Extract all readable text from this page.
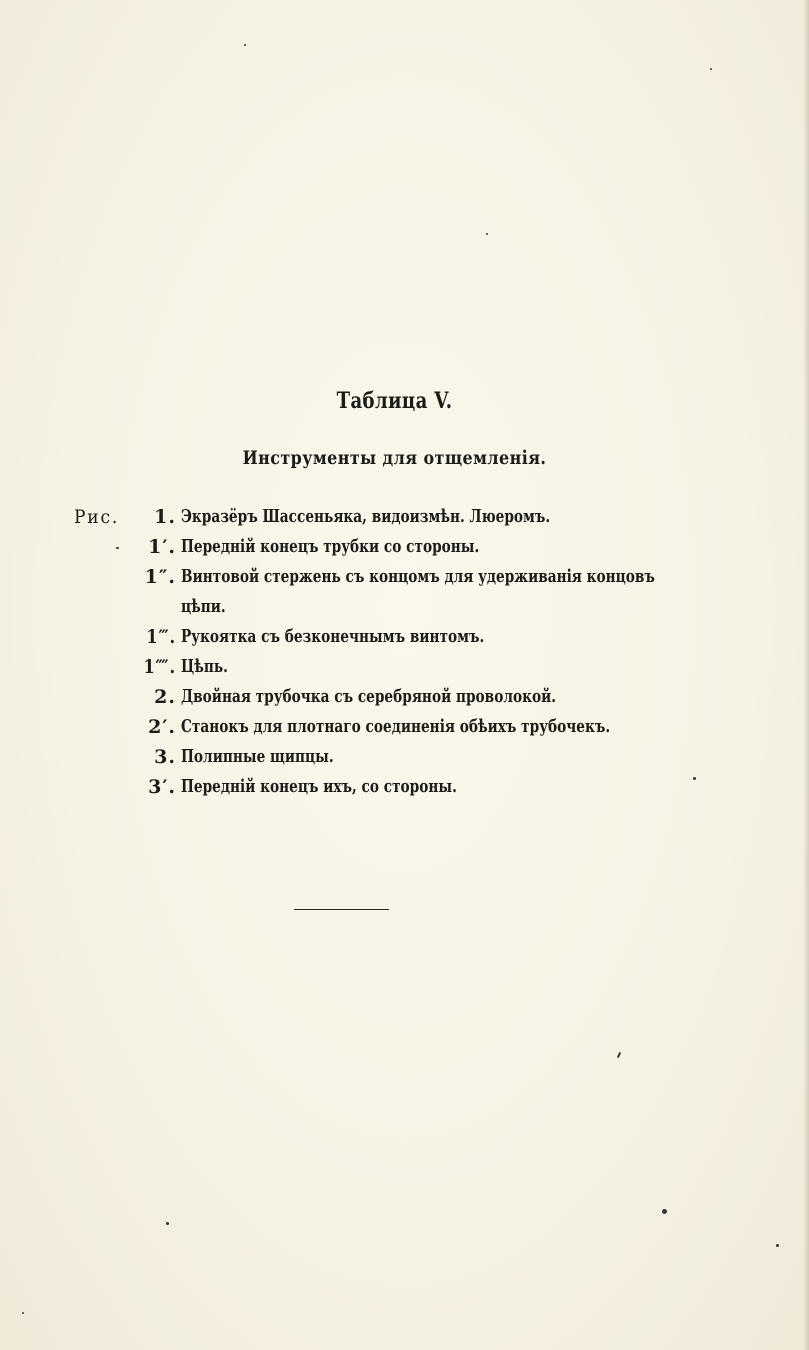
Таблица V.
Инструменты для отщемленія.
Рис.	1. Экразёръ Шассеньяка, видоизмѣн. Люеромъ.
1′. Переднiй конецъ трубки со стороны.
1″. Винтовой стержень съ концомъ для удерживанія концовъ
цѣпи.
1‴. Рукоятка съ безконечнымъ винтомъ.
1⁗. Цѣпь.
2. Двойная трубочка съ серебряной проволокой.
2′. Станокъ для плотнаго соединенія обѣихъ трубочекъ.
3. Полипные щипцы.
3′. Переднiй конецъ ихъ, со стороны.
